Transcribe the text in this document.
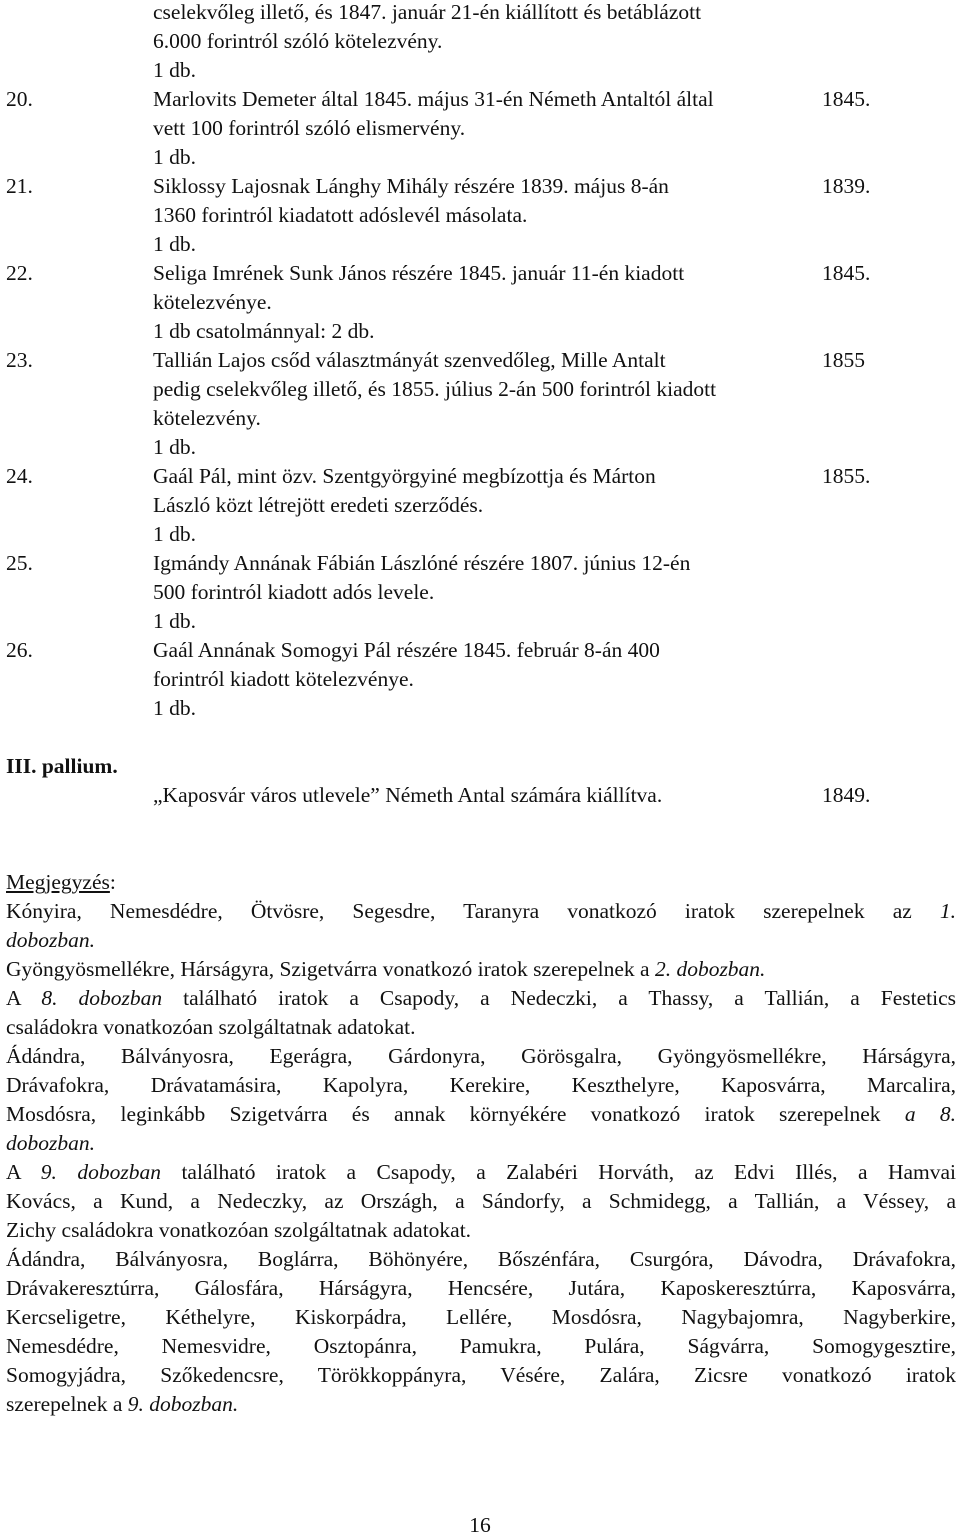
cselekvőleg illető, és 1847. január 21-én kiállított és betáblázott
6.000 forintról szóló kötelezvény.
1 db.
20.	Marlovits Demeter által 1845. május 31-én Németh Antaltól által	1845.
vett 100 forintról szóló elismervény.
1 db.
21.	Siklossy Lajosnak Lánghy Mihály részére 1839. május 8-án	1839.
1360 forintról kiadatott adóslevél másolata.
1 db.
22.	Seliga Imrének Sunk János részére 1845. január 11-én kiadott	1845.
kötelezvénye.
1 db csatolmánnyal: 2 db.
23.	Tallián Lajos csőd választmányát szenvedőleg, Mille Antalt	1855
pedig cselekvőleg illető, és 1855. július 2-án 500 forintról kiadott
kötelezvény.
1 db.
24.	Gaál Pál, mint özv. Szentgyörgyiné megbízottja és Márton	1855.
László közt létrejött eredeti szerződés.
1 db.
25.	Igmándy Annának Fábián Lászlóné részére 1807. június 12-én
500 forintról kiadott adós levele.
1 db.
26.	Gaál Annának Somogyi Pál részére 1845. február 8-án 400
forintról kiadott kötelezvénye.
1 db.
III. pallium.
„Kaposvár város utlevele” Németh Antal számára kiállítva.	1849.
Megjegyzés:
Kónyira, Nemesdédre, Ötvösre, Segesdre, Taranyra vonatkozó iratok szerepelnek az 1.
dobozban.
Gyöngyösmellékre, Hárságyra, Szigetvárra vonatkozó iratok szerepelnek a 2. dobozban.
A 8. dobozban található iratok a Csapody, a Nedeczki, a Thassy, a Tallián, a Festetics
családokra vonatkozóan szolgáltatnak adatokat.
Ádándra, Bálványosra, Egerágra, Gárdonyra, Görösgalra, Gyöngyösmellékre, Hárságyra,
Drávafokra, Drávatamásira, Kapolyra, Kerekire, Keszthelyre, Kaposvárra, Marcalira,
Mosdósra, leginkább Szigetvárra és annak környékére vonatkozó iratok szerepelnek a 8.
dobozban.
A 9. dobozban található iratok a Csapody, a Zalabéri Horváth, az Edvi Illés, a Hamvai
Kovács, a Kund, a Nedeczky, az Országh, a Sándorfy, a Schmidegg, a Tallián, a Véssey, a
Zichy családokra vonatkozóan szolgáltatnak adatokat.
Ádándra, Bálványosra, Boglárra, Böhönyére, Bőszénfára, Csurgóra, Dávodra, Drávafokra,
Drávakeresztúrra, Gálosfára, Hárságyra, Hencsére, Jutára, Kaposkeresztúrra, Kaposvárra,
Kercseligetre, Kéthelyre, Kiskorpádra, Lellére, Mosdósra, Nagybajomra, Nagyberkire,
Nemesdédre, Nemesvidre, Osztopánra, Pamukra, Pulára, Ságvárra, Somogygesztire,
Somogyjádra, Szőkedencsre, Törökkoppányra, Vésére, Zalára, Zicsre vonatkozó iratok
szerepelnek a 9. dobozban.
16
